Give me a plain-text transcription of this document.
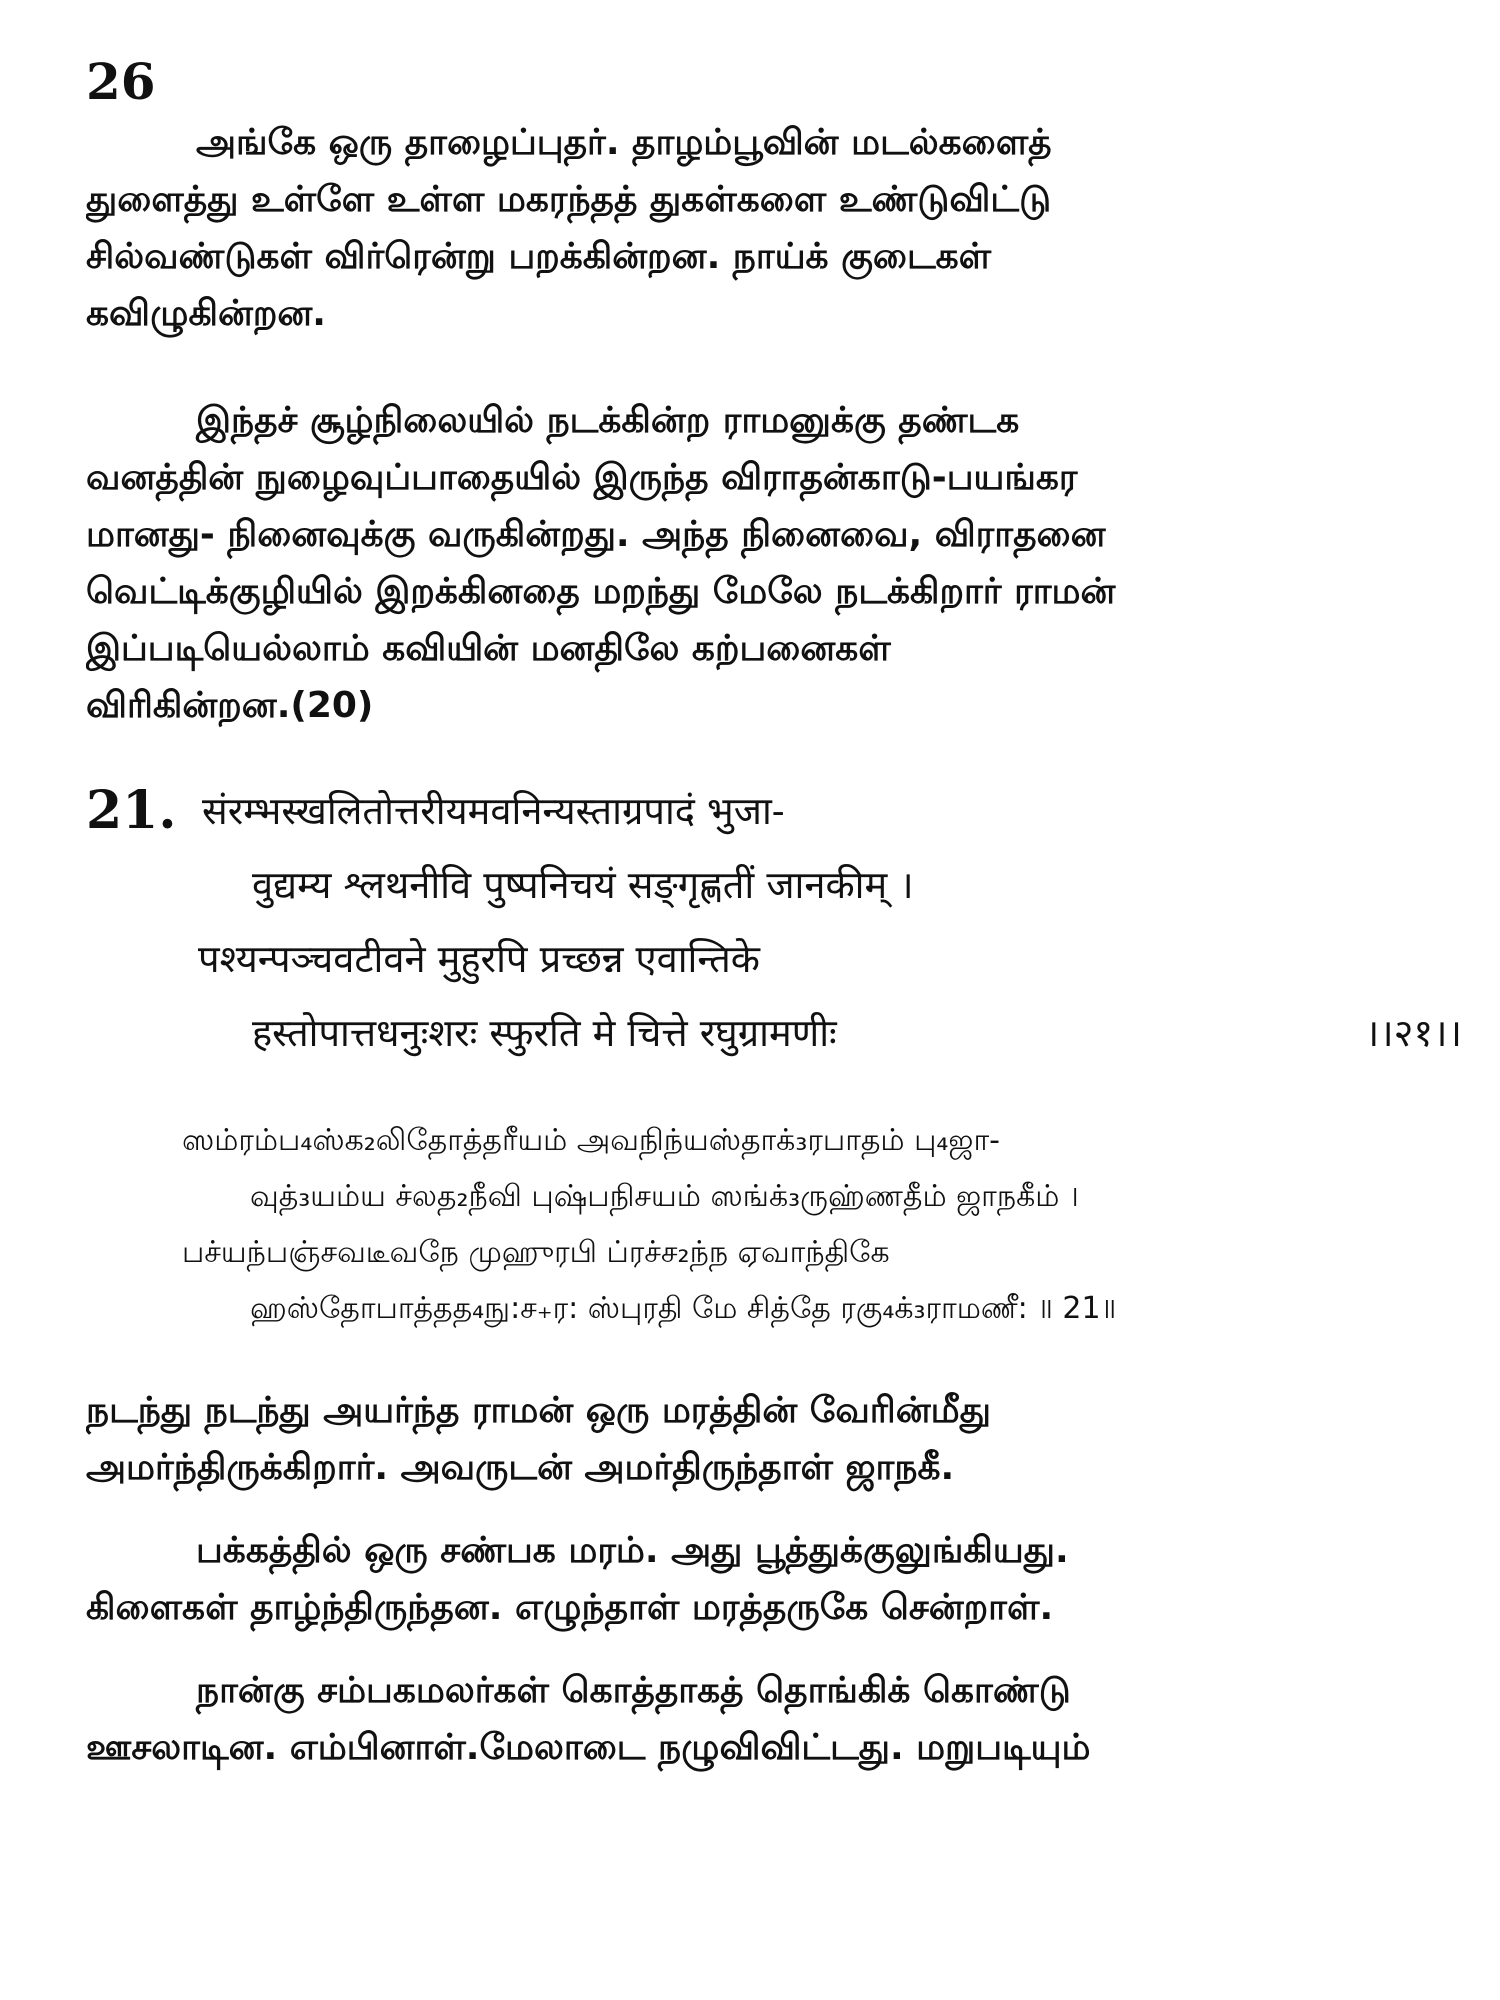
26

அங்கே ஒரு தாழைப்புதர். தாழம்பூவின் மடல்களைத்
துளைத்து உள்ளே உள்ள மகரந்தத் துகள்களை உண்டுவிட்டு
சில்வண்டுகள் விர்ரென்று பறக்கின்றன. நாய்க் குடைகள்
கவிழுகின்றன.

இந்தச் சூழ்நிலையில் நடக்கின்ற ராமனுக்கு தண்டக
வனத்தின் நுழைவுப்பாதையில் இருந்த விராதன்காடு-பயங்கர
மானது- நினைவுக்கு வருகின்றது. அந்த நினைவை, விராதனை
வெட்டிக்குழியில் இறக்கினதை மறந்து மேலே நடக்கிறார் ராமன்
இப்படியெல்லாம் கவியின் மனதிலே கற்பனைகள்
விரிகின்றன.(20)

21. संरम्भस्खलितोत्तरीयमवनिन्यस्ताग्रपादं भुजा-
वुद्यम्य श्लथनीवि पुष्पनिचयं सङ्गृह्णतीं जानकीम् ।
पश्यन्पञ्चवटीवने मुहुरपि प्रच्छन्न एवान्तिके
हस्तोपात्तधनुःशरः स्फुरति मे चित्ते रघुग्रामणीः	।।२१।।
ஸம்ரம்ப₄ஸ்க₂லிதோத்தரீயம் அவநிந்யஸ்தாக்₃ரபாதம் பு₄ஜா-
வுத்₃யம்ய ச்லத₂நீவி புஷ்பநிசயம் ஸங்க்₃ருஹ்ணதீம் ஜாநகீம் ।
பச்யந்பஞ்சவடீவநே முஹுரபி ப்ரச்ச₂ந்ந ஏவாந்திகே
ஹஸ்தோபாத்தத₄நு:ச₊ர: ஸ்புரதி மே சித்தே ரகு₄க்₃ராமணீ: ॥ 21॥

நடந்து நடந்து அயர்ந்த ராமன் ஒரு மரத்தின் வேரின்மீது
அமர்ந்திருக்கிறார். அவருடன் அமர்திருந்தாள் ஜாநகீ.

பக்கத்தில் ஒரு சண்பக மரம். அது பூத்துக்குலுங்கியது.
கிளைகள் தாழ்ந்திருந்தன. எழுந்தாள் மரத்தருகே சென்றாள்.

நான்கு சம்பகமலர்கள் கொத்தாகத் தொங்கிக் கொண்டு
ஊசலாடின. எம்பினாள்.மேலாடை நழுவிவிட்டது. மறுபடியும்
